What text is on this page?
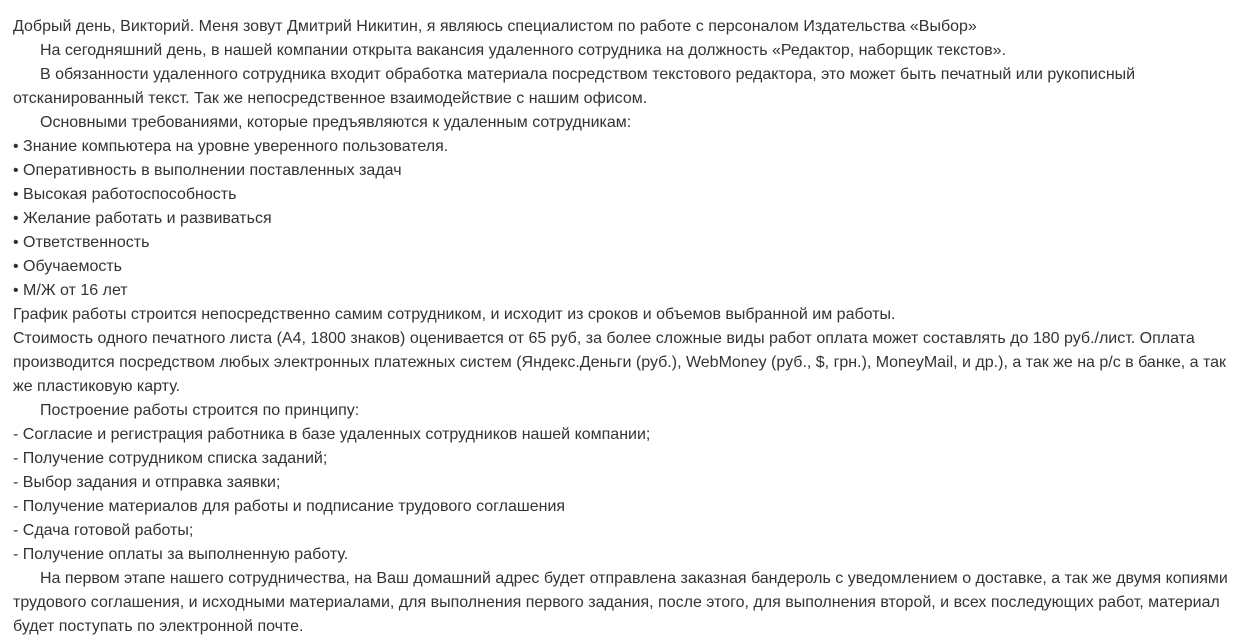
Добрый день, Викторий. Меня зовут Дмитрий Никитин, я являюсь специалистом по работе с персоналом Издательства «Выбор»

На сегодняшний день, в нашей компании открыта вакансия удаленного сотрудника на должность «Редактор, наборщик текстов».

В обязанности удаленного сотрудника входит обработка материала посредством текстового редактора, это может быть печатный или рукописный отсканированный текст. Так же непосредственное взаимодействие с нашим офисом.

Основными требованиями, которые предъявляются к удаленным сотрудникам:

• Знание компьютера на уровне уверенного пользователя.

• Оперативность в выполнении поставленных задач

• Высокая работоспособность

• Желание работать и развиваться

• Ответственность

• Обучаемость

• М/Ж от 16 лет

График работы строится непосредственно самим сотрудником, и исходит из сроков и объемов выбранной им работы.

Стоимость одного печатного листа (А4, 1800 знаков) оценивается от 65 руб, за более сложные виды работ оплата может составлять до 180 руб./лист. Оплата производится посредством любых электронных платежных систем (Яндекс.Деньги (руб.), WebMoney (руб., $, грн.), MoneyMail, и др.), а так же на р/с в банке, а так же пластиковую карту.

Построение работы строится по принципу:

- Согласие и регистрация работника в базе удаленных сотрудников нашей компании;

- Получение сотрудником списка заданий;

- Выбор задания и отправка заявки;

- Получение материалов для работы и подписание трудового соглашения

- Сдача готовой работы;

- Получение оплаты за выполненную работу.

На первом этапе нашего сотрудничества, на Ваш домашний адрес будет отправлена заказная бандероль с уведомлением о доставке, а так же двумя копиями трудового соглашения, и исходными материалами, для выполнения первого задания, после этого, для выполнения второй, и всех последующих работ, материал будет поступать по электронной почте.
